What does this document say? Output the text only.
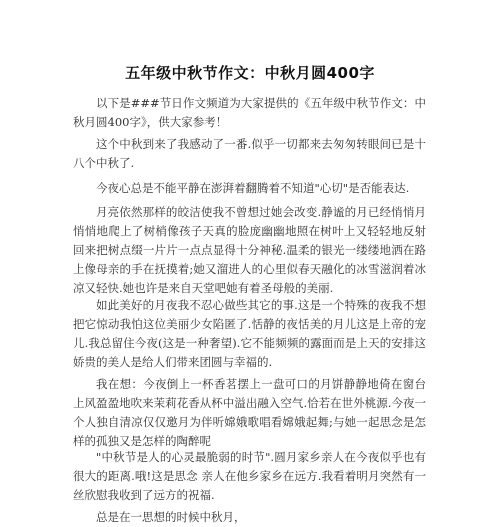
五年级中秋节作文：中秋月圆400字

以下是###节日作文频道为大家提供的《五年级中秋节作文：中秋月圆400字》，供大家参考！

这个中秋到来了我感动了一番.似乎一切都来去匆匆转眼间已是十八个中秋了.

今夜心总是不能平静在澎湃着翻腾着不知道"心切"是否能表达.

月亮依然那样的皎洁使我不曾想过她会改变.静谧的月已经悄悄月悄悄地爬上了树梢像孩子天真的脸庞幽幽地照在树叶上又轻轻地反射回来把树点缀一片片一点点显得十分神秘.温柔的银光一缕缕地洒在路上像母亲的手在抚摸着;她又溜进人的心里似春天融化的冰雪滋润着冰凉又轻快.她也许是来自天堂吧她有着圣母般的美丽.

如此美好的月夜我不忍心做些其它的事.这是一个特殊的夜我不想把它惊动我怕这位美丽少女陷匿了.恬静的夜恬美的月儿这是上帝的宠儿.我总留住今夜(这是一种奢望).它不能频频的露面而是上天的安排这娇贵的美人是给人们带来团圆与幸福的.

我在想：今夜倒上一杯香茗摆上一盘可口的月饼静静地倚在窗台上风盈盈地吹来茉莉花香从杯中溢出融入空气.恰若在世外桃源.今夜一个人独自清凉仅仅邀月为伴听嫦娥歌唱看嫦娥起舞;与她一起思念是怎样的孤独又是怎样的陶醉呢

"中秋节是人的心灵最脆弱的时节".圆月家乡亲人在今夜似乎也有很大的距离.哦!这是思念 亲人在他乡家乡在远方.我看着明月突然有一丝欣慰我收到了远方的祝福.

总是在一思想的时候中秋月，
